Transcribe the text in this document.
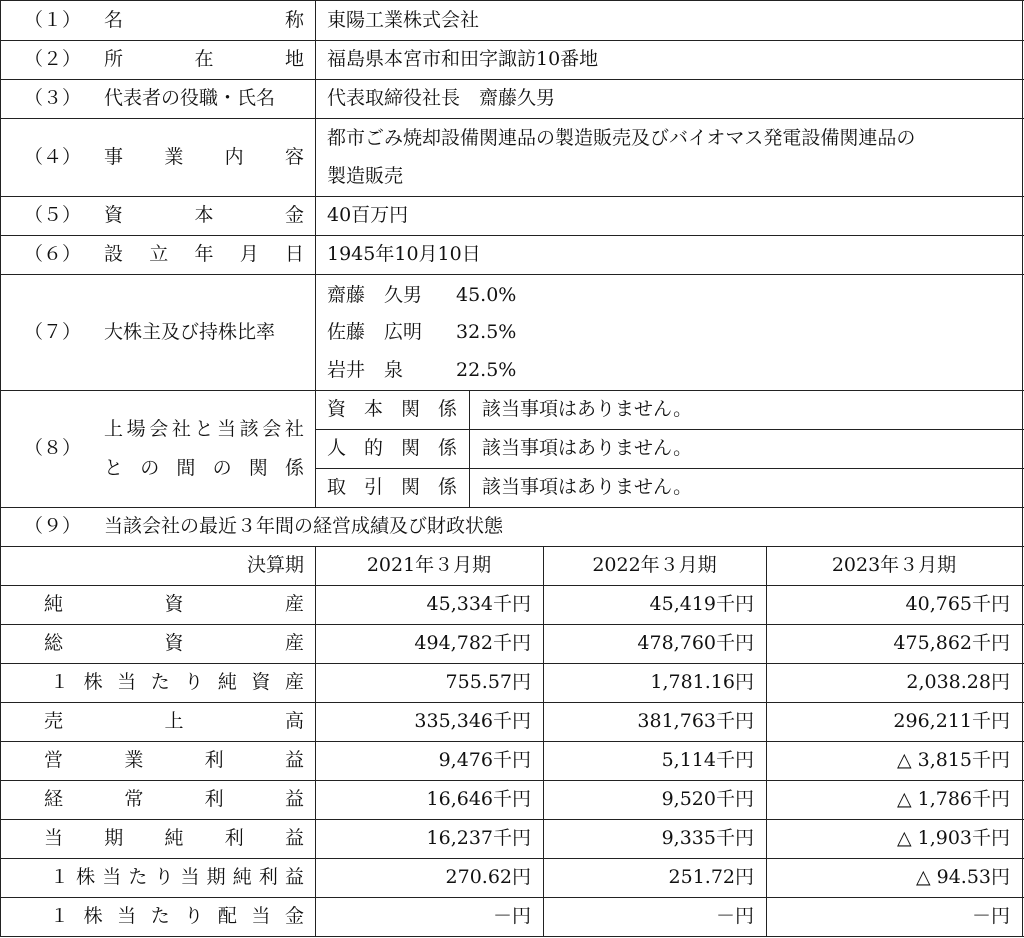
（１） 名	称 東陽工業株式会社
（２） 所	在	地 福島県本宮市和田字諏訪10番地
（３） 代表者の役職・氏名	代表取締役社長　齋藤久男
（４） 事 業 内 容
都市ごみ焼却設備関連品の製造販売及びバイオマス発電設備関連品の
製造販売
（５） 資	本	金 40百万円
（６） 設 立 年 月 日 1945年10月10日
（７） 大株主及び持株比率
齋藤　久男 45.0%
佐藤　広明 32.5%
岩井　泉	22.5%
（８）
上 場 会 社 と 当 該 会 社
と の 間 の 関 係
資 本 関 係 該当事項はありません。
人 的 関 係 該当事項はありません。
取 引 関 係 該当事項はありません。
（９） 当該会社の最近３年間の経営成績及び財政状態
決算期	2021年３月期	2022年３月期	2023年３月期
純	資	産	45,334千円	45,419千円	40,765千円
総	資	産	494,782千円	478,760千円	475,862千円
１ 株 当 た り 純 資 産	755.57円	1,781.16円	2,038.28円
売	上	高	335,346千円	381,763千円	296,211千円
営	業	利	益	9,476千円	5,114千円	△ 3,815千円
経	常	利	益	16,646千円	9,520千円	△ 1,786千円
当 期 純 利 益	16,237千円	9,335千円	△ 1,903千円
１ 株 当 た り 当 期 純 利 益	270.62円	251.72円	△ 94.53円
１ 株 当 た り 配 当 金	－円	－円	－円
